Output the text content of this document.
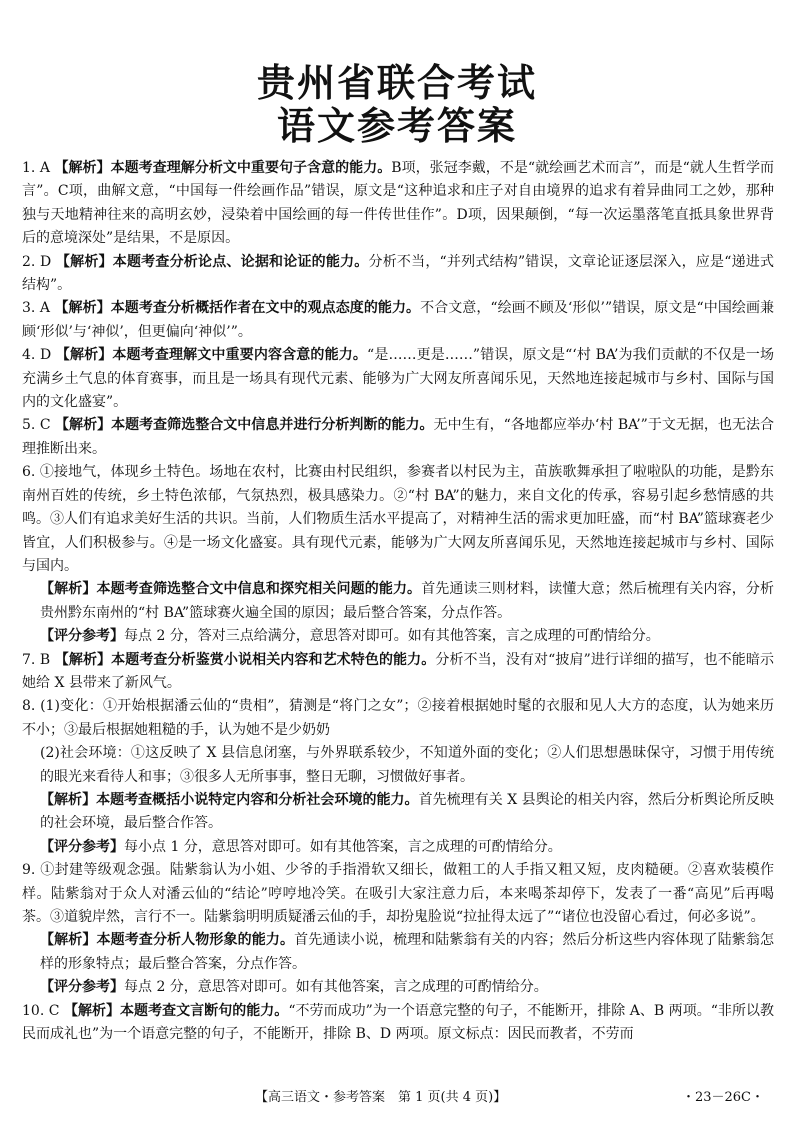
贵州省联合考试
语文参考答案
1. A 【解析】本题考查理解分析文中重要句子含意的能力。B项，张冠李戴，不是“就绘画艺术而言”，而是“就人生哲学而言”。C项，曲解文意，“中国每一件绘画作品”错误，原文是“这种追求和庄子对自由境界的追求有着异曲同工之妙，那种独与天地精神往来的高明玄妙，浸染着中国绘画的每一件传世佳作”。D项，因果颠倒，“每一次运墨落笔直抵具象世界背后的意境深处”是结果，不是原因。
2. D 【解析】本题考查分析论点、论据和论证的能力。分析不当，“并列式结构”错误，文章论证逐层深入，应是“递进式结构”。
3. A 【解析】本题考查分析概括作者在文中的观点态度的能力。不合文意，“绘画不顾及‘形似’”错误，原文是“中国绘画兼顾‘形似’与‘神似’，但更偏向‘神似’”。
4. D 【解析】本题考查理解文中重要内容含意的能力。“是……更是……”错误，原文是“‘村 BA’为我们贡献的不仅是一场充满乡土气息的体育赛事，而且是一场具有现代元素、能够为广大网友所喜闻乐见，天然地连接起城市与乡村、国际与国内的文化盛宴”。
5. C 【解析】本题考查筛选整合文中信息并进行分析判断的能力。无中生有，“各地都应举办‘村 BA’”于文无据，也无法合理推断出来。
6. ①接地气，体现乡土特色。场地在农村，比赛由村民组织，参赛者以村民为主，苗族歌舞承担了啦啦队的功能，是黔东南州百姓的传统，乡土特色浓郁，气氛热烈，极具感染力。②“村 BA”的魅力，来自文化的传承，容易引起乡愁情感的共鸣。③人们有追求美好生活的共识。当前，人们物质生活水平提高了，对精神生活的需求更加旺盛，而“村 BA”篮球赛老少皆宜，人们积极参与。④是一场文化盛宴。具有现代元素，能够为广大网友所喜闻乐见，天然地连接起城市与乡村、国际与国内。
【解析】本题考查筛选整合文中信息和探究相关问题的能力。首先通读三则材料，读懂大意；然后梳理有关内容，分析贵州黔东南州的“村 BA”篮球赛火遍全国的原因；最后整合答案，分点作答。
【评分参考】每点 2 分，答对三点给满分，意思答对即可。如有其他答案，言之成理的可酌情给分。
7. B 【解析】本题考查分析鉴赏小说相关内容和艺术特色的能力。分析不当，没有对“披肩”进行详细的描写，也不能暗示她给 X 县带来了新风气。
8. (1)变化：①开始根据潘云仙的“贵相”，猜测是“将门之女”；②接着根据她时髦的衣服和见人大方的态度，认为她来历不小；③最后根据她粗糙的手，认为她不是少奶奶
(2)社会环境：①这反映了 X 县信息闭塞，与外界联系较少，不知道外面的变化；②人们思想愚昧保守，习惯于用传统的眼光来看待人和事；③很多人无所事事，整日无聊，习惯做好事者。
【解析】本题考查概括小说特定内容和分析社会环境的能力。首先梳理有关 X 县舆论的相关内容，然后分析舆论所反映的社会环境，最后整合作答。
【评分参考】每小点 1 分，意思答对即可。如有其他答案，言之成理的可酌情给分。
9. ①封建等级观念强。陆紫翁认为小姐、少爷的手指滑软又细长，做粗工的人手指又粗又短，皮肉糙硬。②喜欢装模作样。陆紫翁对于众人对潘云仙的“结论”哼哼地冷笑。在吸引大家注意力后，本来喝茶却停下，发表了一番“高见”后再喝茶。③道貌岸然，言行不一。陆紫翁明明质疑潘云仙的手，却扮鬼脸说“拉扯得太远了”“诸位也没留心看过，何必多说”。
【解析】本题考查分析人物形象的能力。首先通读小说，梳理和陆紫翁有关的内容；然后分析这些内容体现了陆紫翁怎样的形象特点；最后整合答案，分点作答。
【评分参考】每点 2 分，意思答对即可。如有其他答案，言之成理的可酌情给分。
10. C 【解析】本题考查文言断句的能力。“不劳而成功”为一个语意完整的句子，不能断开，排除 A、B 两项。“非所以教民而成礼也”为一个语意完整的句子，不能断开，排除 B、D 两项。原文标点：因民而教者，不劳而
【高三语文・参考答案　第 1 页(共 4 页)】	・23－26C・
